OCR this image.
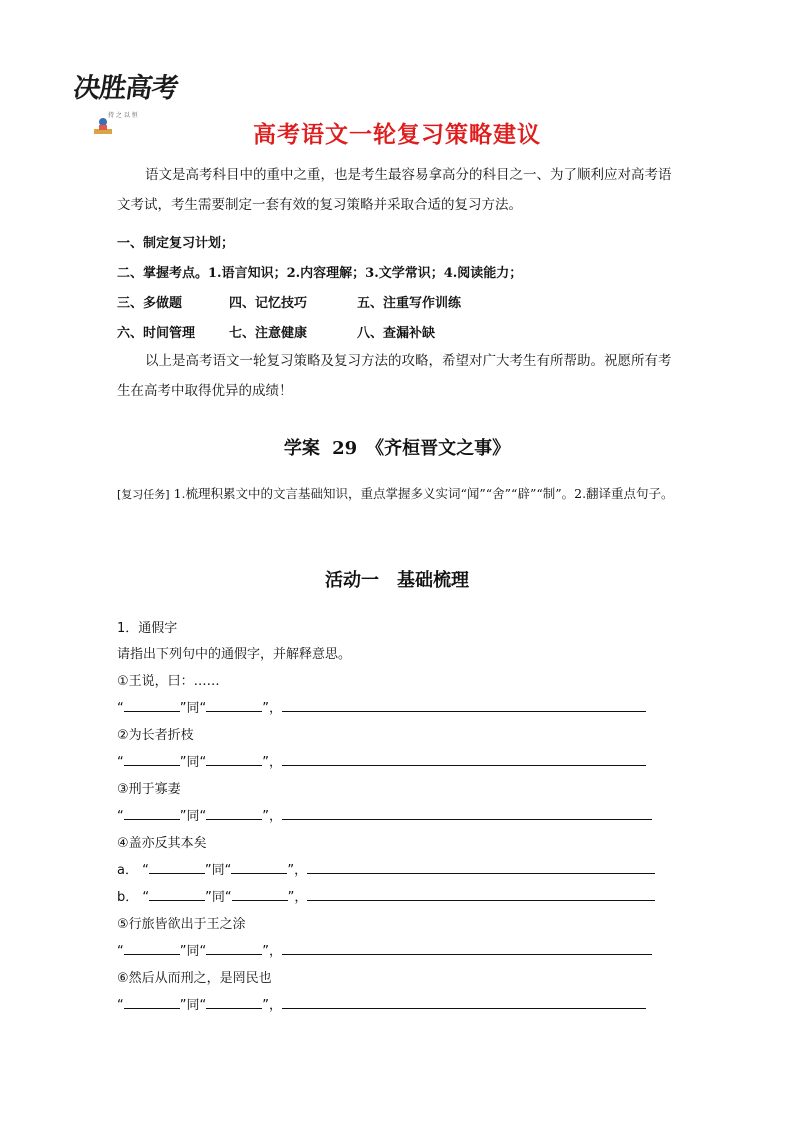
决胜高考
持 之 以 恒
高考语文一轮复习策略建议
语文是高考科目中的重中之重，也是考生最容易拿高分的科目之一、为了顺利应对高考语文考试，考生需要制定一套有效的复习策略并采取合适的复习方法。
一、制定复习计划；
二、掌握考点。1.语言知识；2.内容理解；3.文学常识；4.阅读能力；
三、多做题	四、记忆技巧	五、注重写作训练
六、时间管理	七、注意健康	八、查漏补缺
以上是高考语文一轮复习策略及复习方法的攻略，希望对广大考生有所帮助。祝愿所有考生在高考中取得优异的成绩！
学案 29　《齐桓晋文之事》
[复习任务] 1.梳理积累文中的文言基础知识，重点掌握多义实词“闻”“舍”“辟”“制”。2.翻译重点句子。
活动一　基础梳理
1．通假字
请指出下列句中的通假字，并解释意思。
①王说，曰：……
“	”同“	”，
②为长者折枝
“	”同“	”，
③刑于寡妻
“	”同“	”，
④盖亦反其本矣
a． “	”同“	”，
b． “	”同“	”，
⑤行旅皆欲出于王之涂
“	”同“	”，
⑥然后从而刑之，是罔民也
“	”同“	”，
